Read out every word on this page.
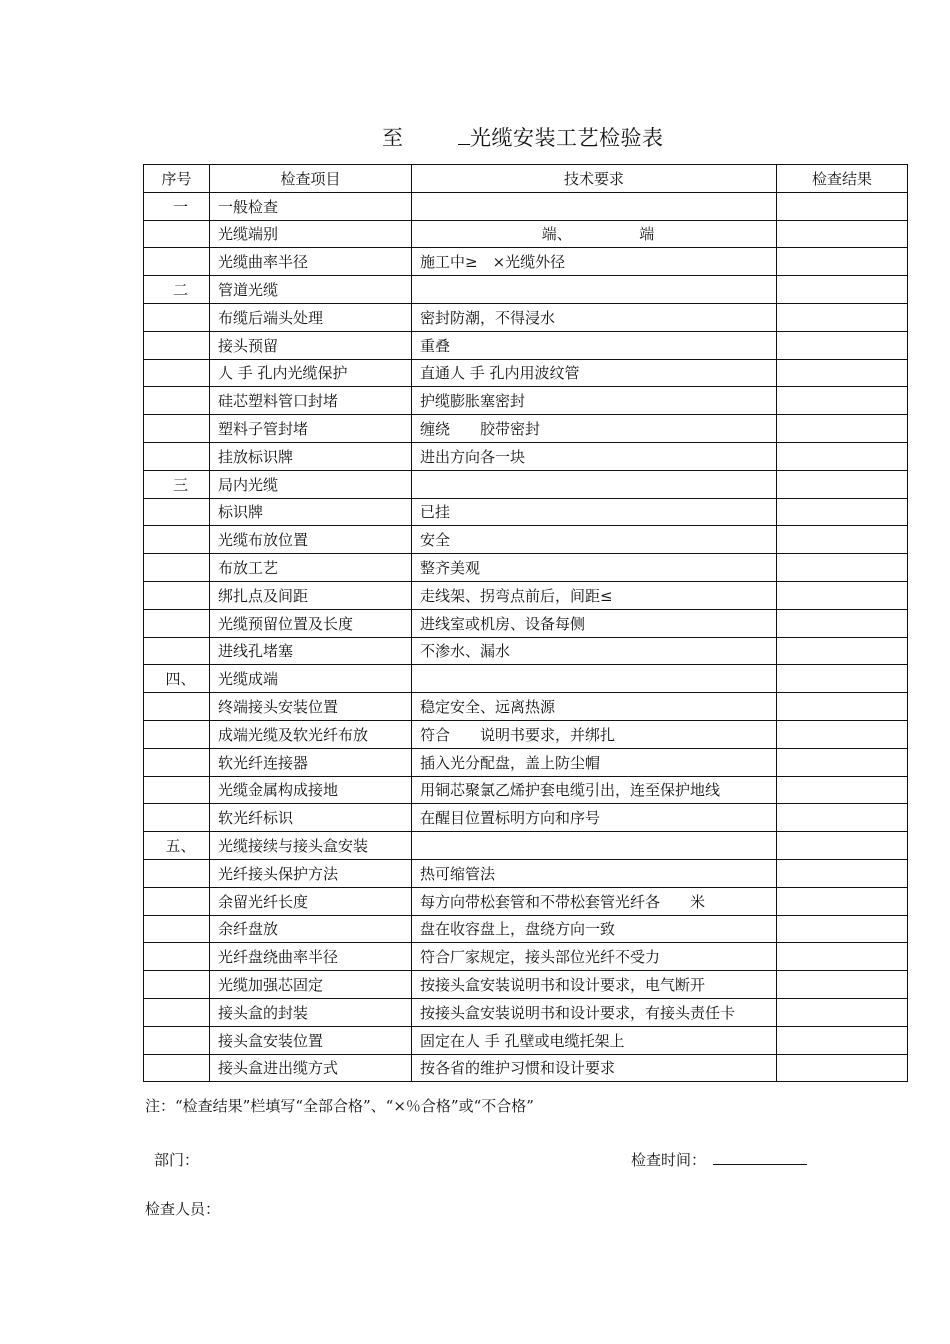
至	光缆安装工艺检验表
序号	检查项目	技术要求	检查结果
一	一般检查		
	光缆端别	端、　　　　　端	
	光缆曲率半径	施工中≥　×光缆外径	
二	管道光缆		
	布缆后端头处理	密封防潮，不得浸水	
	接头预留	重叠	
	人 手 孔内光缆保护	直通人 手 孔内用波纹管	
	硅芯塑料管口封堵	护缆膨胀塞密封	
	塑料子管封堵	缠绕　　胶带密封	
	挂放标识牌	进出方向各一块	
三	局内光缆		
	标识牌	已挂	
	光缆布放位置	安全	
	布放工艺	整齐美观	
	绑扎点及间距	走线架、拐弯点前后，间距≤	
	光缆预留位置及长度	进线室或机房、设备每侧	
	进线孔堵塞	不渗水、漏水	
四、	光缆成端		
	终端接头安装位置	稳定安全、远离热源	
	成端光缆及软光纤布放	符合　　说明书要求，并绑扎	
	软光纤连接器	插入光分配盘，盖上防尘帽	
	光缆金属构成接地	用铜芯聚氯乙烯护套电缆引出，连至保护地线	
	软光纤标识	在醒目位置标明方向和序号	
五、	光缆接续与接头盒安装		
	光纤接头保护方法	热可缩管法	
	余留光纤长度	每方向带松套管和不带松套管光纤各　　米	
	余纤盘放	盘在收容盘上，盘绕方向一致	
	光纤盘绕曲率半径	符合厂家规定，接头部位光纤不受力	
	光缆加强芯固定	按接头盒安装说明书和设计要求，电气断开	
	接头盒的封装	按接头盒安装说明书和设计要求，有接头责任卡	
	接头盒安装位置	固定在人 手 孔壁或电缆托架上	
	接头盒进出缆方式	按各省的维护习惯和设计要求	
注：“检查结果”栏填写“全部合格”、“×％合格”或“不合格”
部门：	检查时间：
检查人员：
